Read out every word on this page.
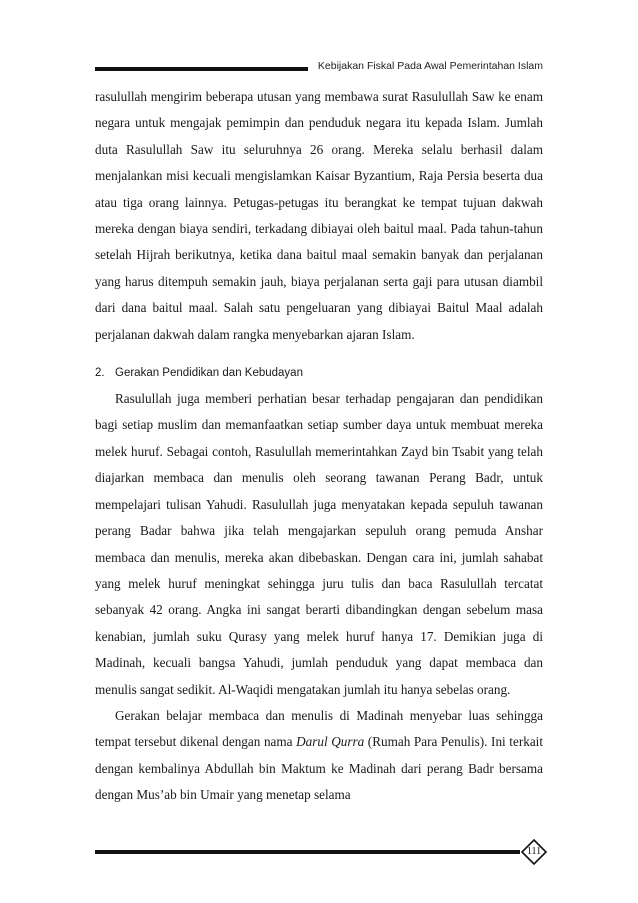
Kebijakan Fiskal Pada Awal Pemerintahan Islam

rasulullah mengirim beberapa utusan yang membawa surat Rasulullah Saw ke enam negara untuk mengajak pemimpin dan penduduk negara itu kepada Islam. Jumlah duta Rasulullah Saw itu seluruhnya 26 orang. Mereka selalu berhasil dalam menjalankan misi kecuali mengislamkan Kaisar Byzantium, Raja Persia beserta dua atau tiga orang lainnya. Petugas-petugas itu berangkat ke tempat tujuan dakwah mereka dengan biaya sendiri, terkadang dibiayai oleh baitul maal. Pada tahun-tahun setelah Hijrah berikutnya, ketika dana baitul maal semakin banyak dan perjalanan yang harus ditempuh semakin jauh, biaya perjalanan serta gaji para utusan diambil dari dana baitul maal. Salah satu pengeluaran yang dibiayai Baitul Maal adalah perjalanan dakwah dalam rangka menyebarkan ajaran Islam.

2. Gerakan Pendidikan dan Kebudayan

Rasulullah juga memberi perhatian besar terhadap pengajaran dan pendidikan bagi setiap muslim dan memanfaatkan setiap sumber daya untuk membuat mereka melek huruf. Sebagai contoh, Rasulullah memerintahkan Zayd bin Tsabit yang telah diajarkan membaca dan menulis oleh seorang tawanan Perang Badr, untuk mempelajari tulisan Yahudi. Rasulullah juga menyatakan kepada sepuluh tawanan perang Badar bahwa jika telah mengajarkan sepuluh orang pemuda Anshar membaca dan menulis, mereka akan dibebaskan. Dengan cara ini, jumlah sahabat yang melek huruf meningkat sehingga juru tulis dan baca Rasulullah tercatat sebanyak 42 orang. Angka ini sangat berarti dibandingkan dengan sebelum masa kenabian, jumlah suku Qurasy yang melek huruf hanya 17. Demikian juga di Madinah, kecuali bangsa Yahudi, jumlah penduduk yang dapat membaca dan menulis sangat sedikit. Al-Waqidi mengatakan jumlah itu hanya sebelas orang.

Gerakan belajar membaca dan menulis di Madinah menyebar luas sehingga tempat tersebut dikenal dengan nama Darul Qurra (Rumah Para Penulis). Ini terkait dengan kembalinya Abdullah bin Maktum ke Madinah dari perang Badr bersama dengan Mus’ab bin Umair yang menetap selama

111
